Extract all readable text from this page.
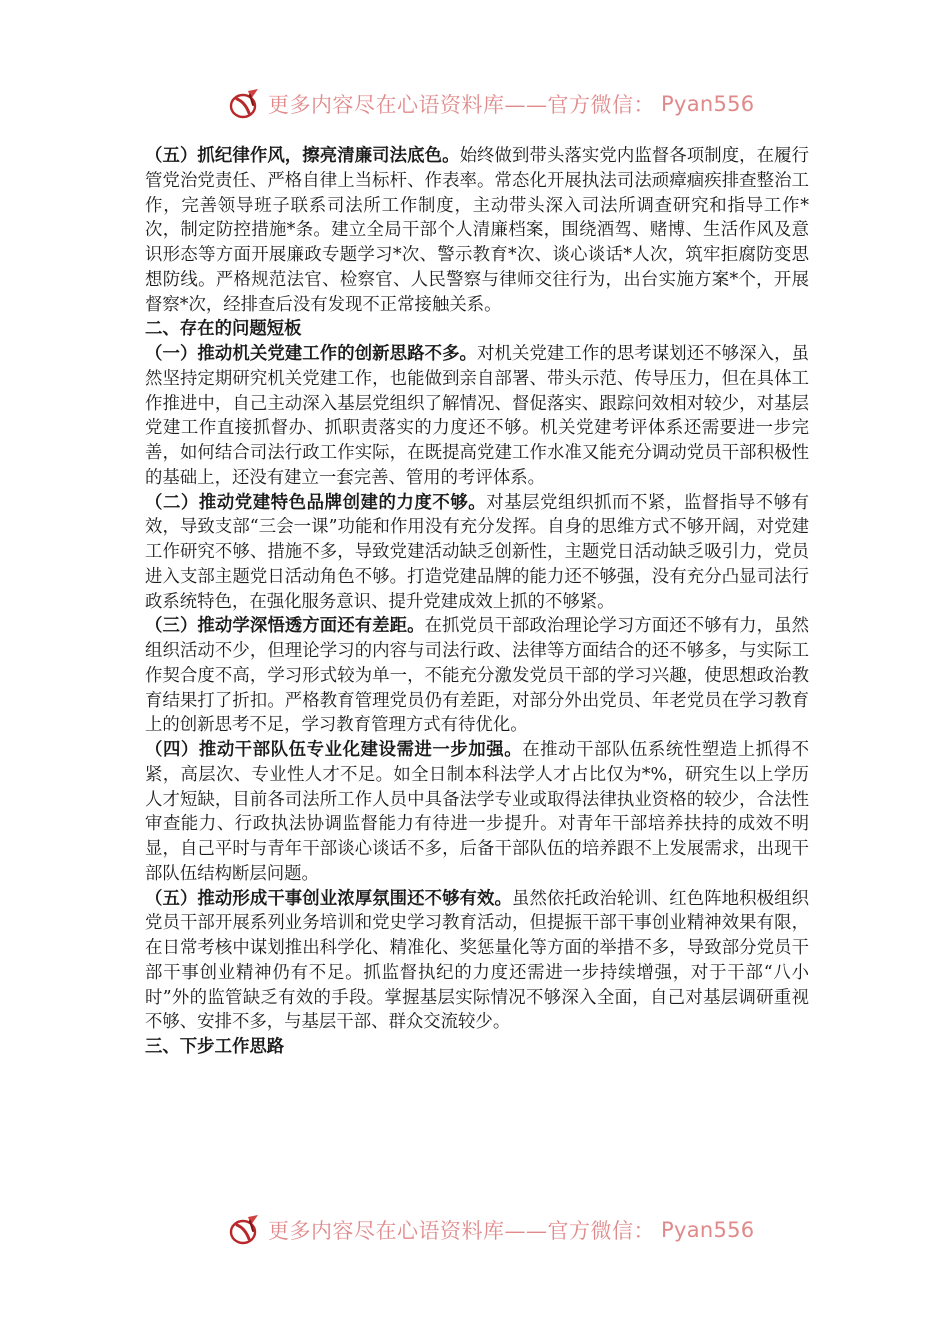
更多内容尽在心语资料库——官方微信： Pyan556

（五）抓纪律作风，擦亮清廉司法底色。始终做到带头落实党内监督各项制度，在履行管党治党责任、严格自律上当标杆、作表率。常态化开展执法司法顽瘴痼疾排查整治工作，完善领导班子联系司法所工作制度，主动带头深入司法所调查研究和指导工作*次，制定防控措施*条。建立全局干部个人清廉档案，围绕酒驾、赌博、生活作风及意识形态等方面开展廉政专题学习*次、警示教育*次、谈心谈话*人次，筑牢拒腐防变思想防线。严格规范法官、检察官、人民警察与律师交往行为，出台实施方案*个，开展督察*次，经排查后没有发现不正常接触关系。

二、存在的问题短板

（一）推动机关党建工作的创新思路不多。对机关党建工作的思考谋划还不够深入，虽然坚持定期研究机关党建工作，也能做到亲自部署、带头示范、传导压力，但在具体工作推进中，自己主动深入基层党组织了解情况、督促落实、跟踪问效相对较少，对基层党建工作直接抓督办、抓职责落实的力度还不够。机关党建考评体系还需要进一步完善，如何结合司法行政工作实际，在既提高党建工作水准又能充分调动党员干部积极性的基础上，还没有建立一套完善、管用的考评体系。

（二）推动党建特色品牌创建的力度不够。对基层党组织抓而不紧，监督指导不够有效，导致支部“三会一课”功能和作用没有充分发挥。自身的思维方式不够开阔，对党建工作研究不够、措施不多，导致党建活动缺乏创新性，主题党日活动缺乏吸引力，党员进入支部主题党日活动角色不够。打造党建品牌的能力还不够强，没有充分凸显司法行政系统特色，在强化服务意识、提升党建成效上抓的不够紧。

（三）推动学深悟透方面还有差距。在抓党员干部政治理论学习方面还不够有力，虽然组织活动不少，但理论学习的内容与司法行政、法律等方面结合的还不够多，与实际工作契合度不高，学习形式较为单一，不能充分激发党员干部的学习兴趣，使思想政治教育结果打了折扣。严格教育管理党员仍有差距，对部分外出党员、年老党员在学习教育上的创新思考不足，学习教育管理方式有待优化。

（四）推动干部队伍专业化建设需进一步加强。在推动干部队伍系统性塑造上抓得不紧，高层次、专业性人才不足。如全日制本科法学人才占比仅为*%，研究生以上学历人才短缺，目前各司法所工作人员中具备法学专业或取得法律执业资格的较少，合法性审查能力、行政执法协调监督能力有待进一步提升。对青年干部培养扶持的成效不明显，自己平时与青年干部谈心谈话不多，后备干部队伍的培养跟不上发展需求，出现干部队伍结构断层问题。

（五）推动形成干事创业浓厚氛围还不够有效。虽然依托政治轮训、红色阵地积极组织党员干部开展系列业务培训和党史学习教育活动，但提振干部干事创业精神效果有限，在日常考核中谋划推出科学化、精准化、奖惩量化等方面的举措不多，导致部分党员干部干事创业精神仍有不足。抓监督执纪的力度还需进一步持续增强，对于干部“八小时”外的监管缺乏有效的手段。掌握基层实际情况不够深入全面，自己对基层调研重视不够、安排不多，与基层干部、群众交流较少。

三、下步工作思路

更多内容尽在心语资料库——官方微信： Pyan556
